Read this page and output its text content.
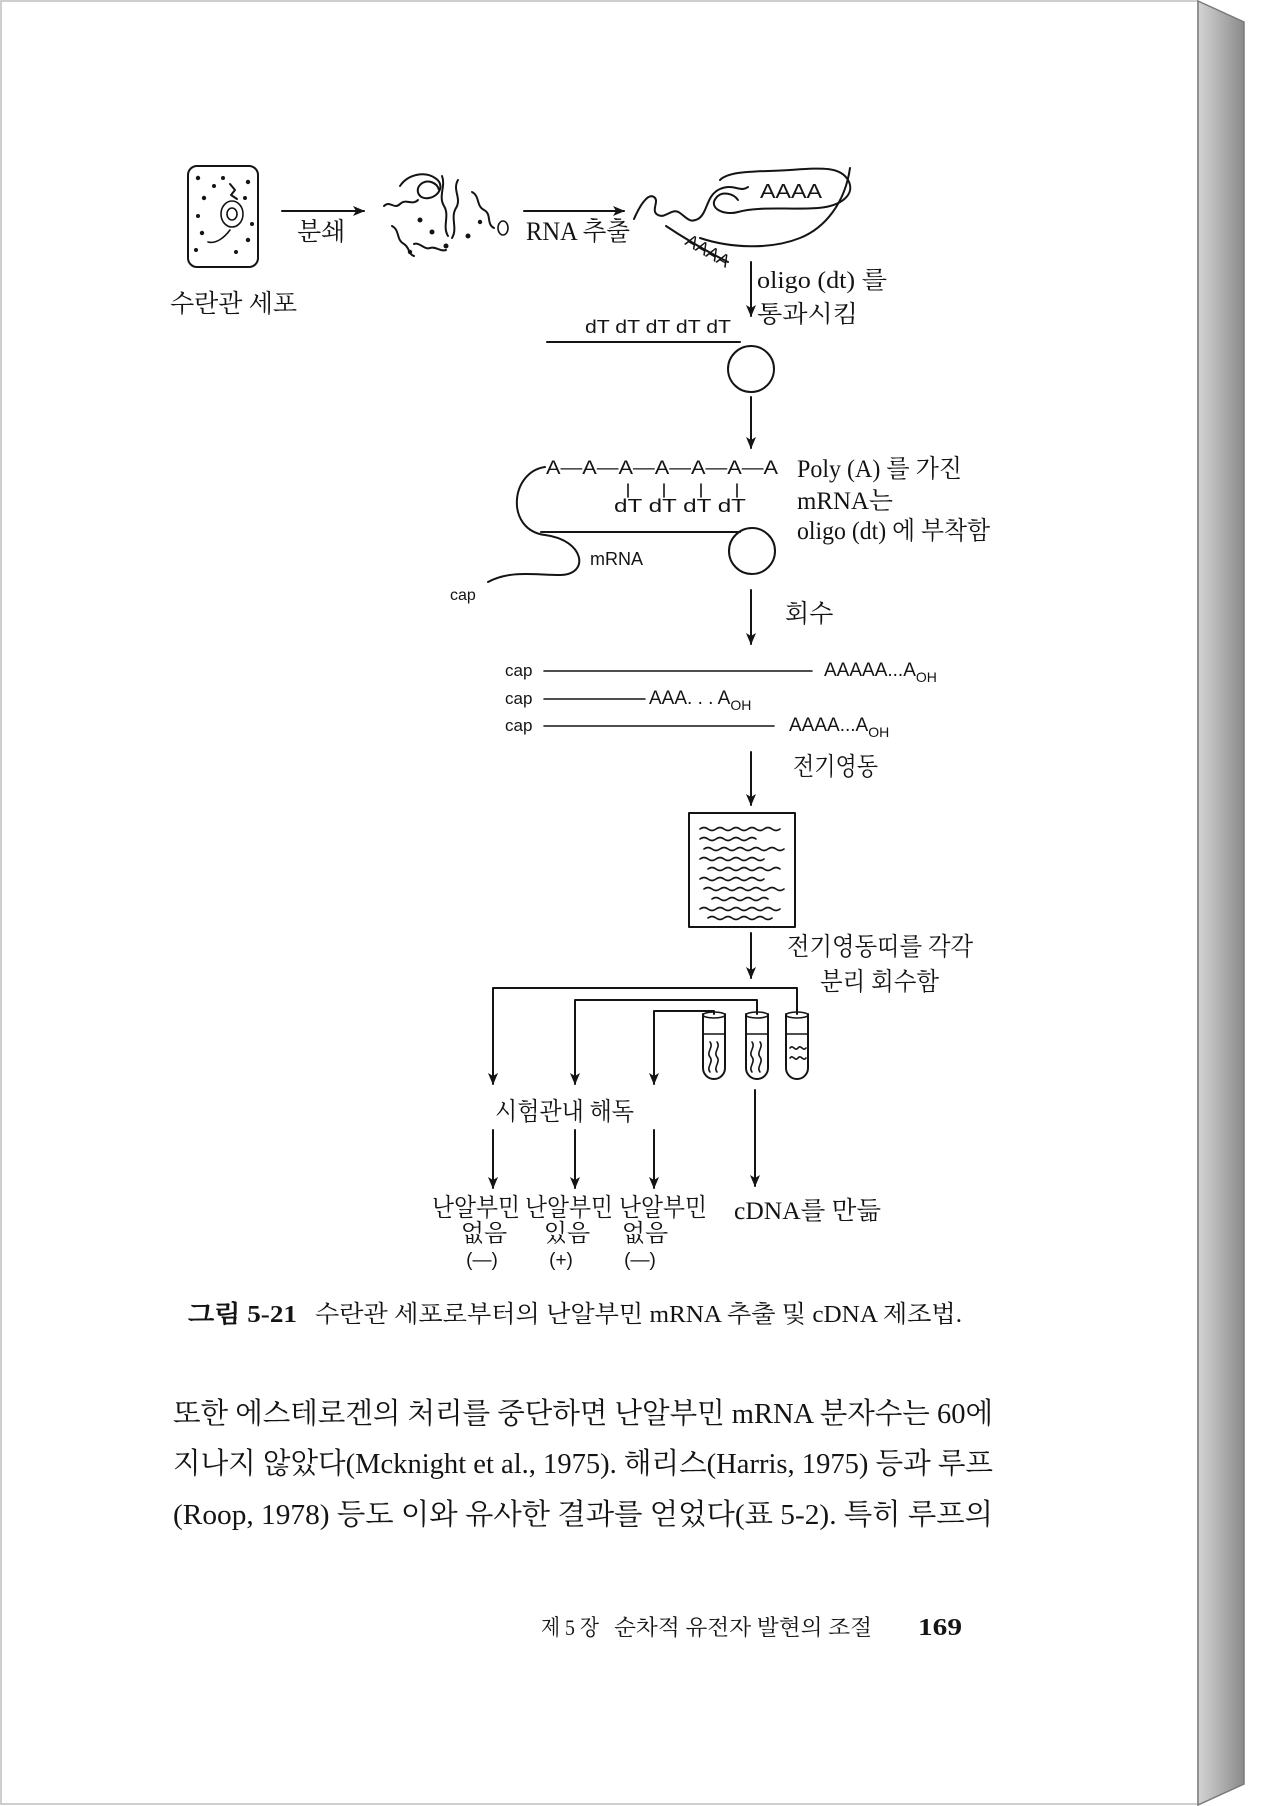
수란관 세포
분쇄	RNA 추출
AAAA
AAAA
oligo (dt) 를
통과시킴
dT dT dT dT dT
A—A—A—A—A—A—A
dT dT dT dT
mRNA
cap
Poly (A) 를 가진
mRNA는
oligo (dt) 에 부착함
회수
cap	$AAAAA...A_{OH}$
cap	AAA. . . $A_{OH}$
cap	$AAAA...A_{OH}$
전기영동
전기영동띠를 각각
분리 회수함
시험관내 해독
난알부민
없음
(—)
난알부민
있음
(+)
난알부민
없음
(—)
cDNA를 만듦
그림 5-21	수란관 세포로부터의 난알부민 mRNA 추출 및 cDNA 제조법.
또한 에스테로겐의 처리를 중단하면 난알부민 mRNA 분자수는 60에
지나지 않았다(Mcknight et al., 1975). 해리스(Harris, 1975) 등과 루프
(Roop, 1978) 등도 이와 유사한 결과를 얻었다(표 5-2). 특히 루프의
제 5 장 순차적 유전자 발현의 조절 169
